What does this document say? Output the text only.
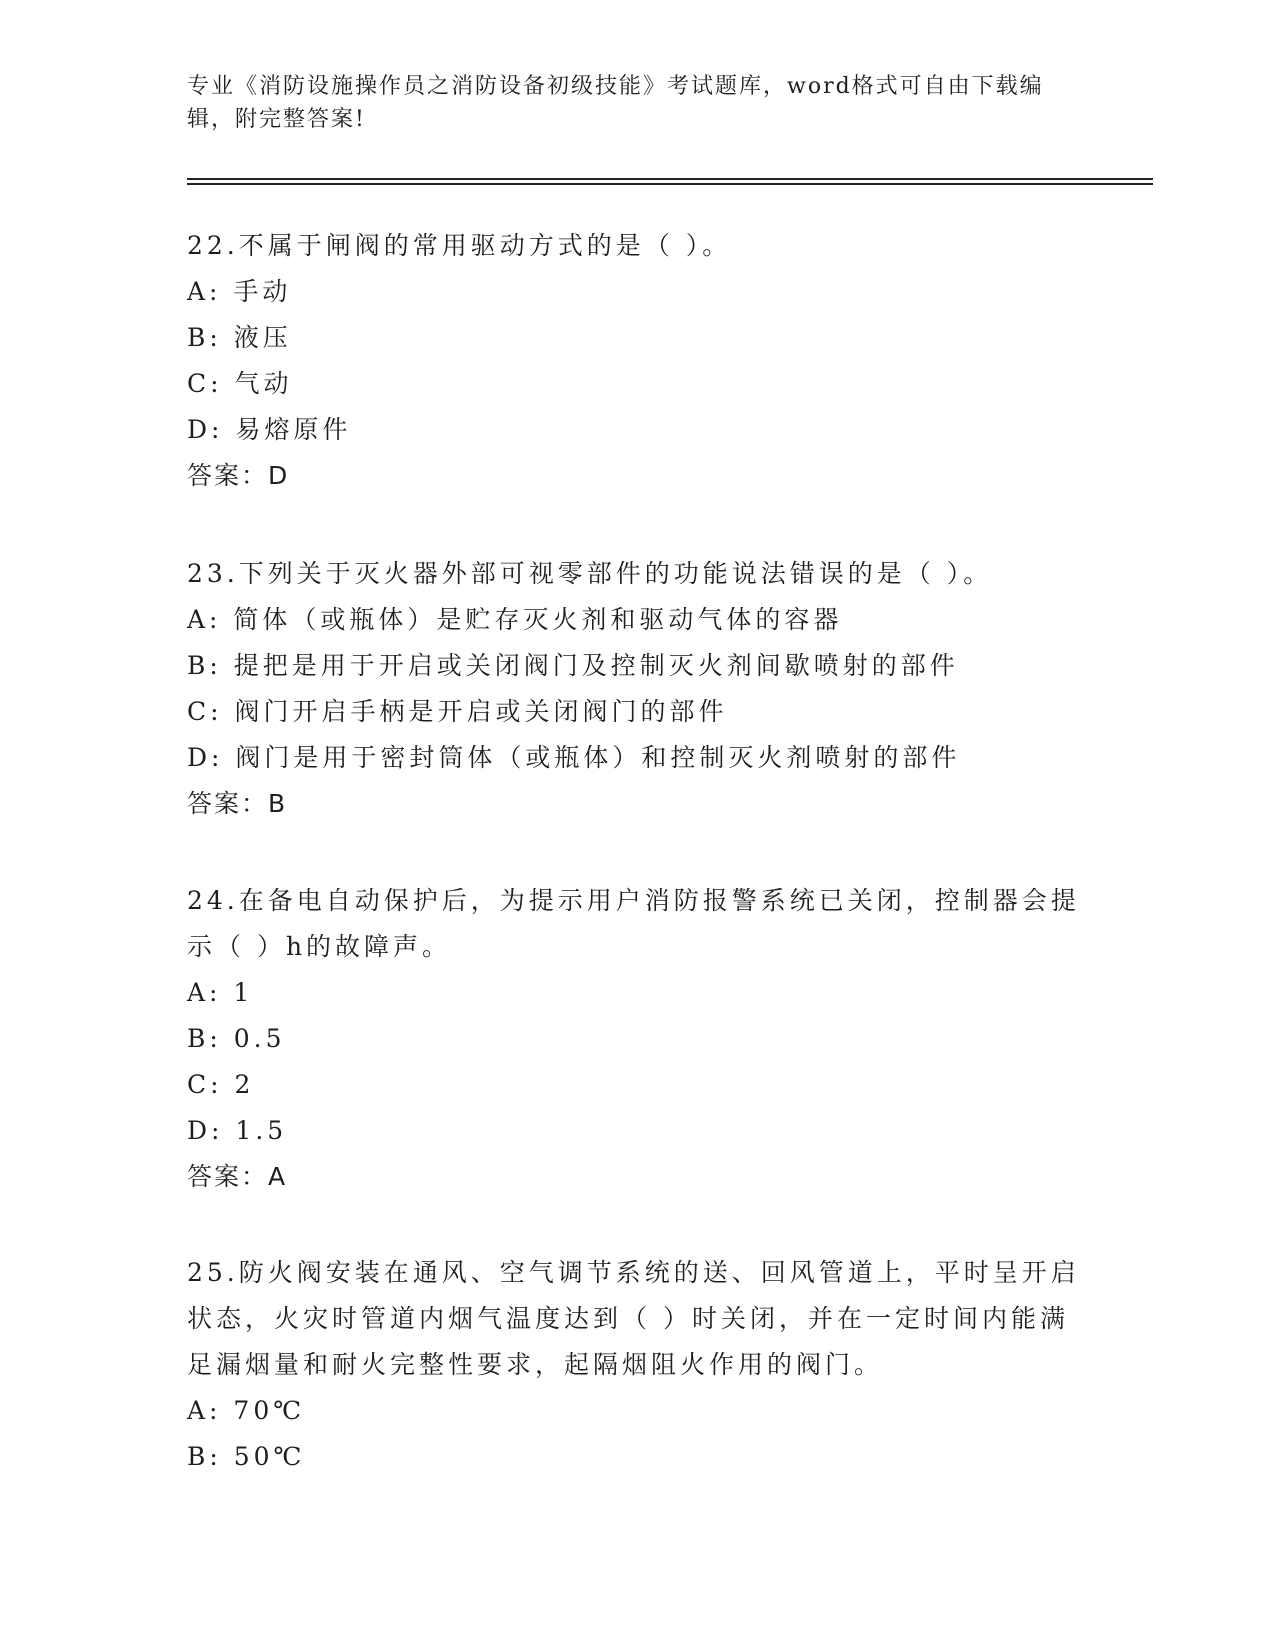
专业《消防设施操作员之消防设备初级技能》考试题库，word格式可自由下载编辑，附完整答案!

22.不属于闸阀的常用驱动方式的是（ ）。

A: 手动

B: 液压

C: 气动

D: 易熔原件

答案：D

23.下列关于灭火器外部可视零部件的功能说法错误的是（ ）。

A: 简体（或瓶体）是贮存灭火剂和驱动气体的容器

B: 提把是用于开启或关闭阀门及控制灭火剂间歇喷射的部件

C: 阀门开启手柄是开启或关闭阀门的部件

D: 阀门是用于密封筒体（或瓶体）和控制灭火剂喷射的部件

答案：B

24.在备电自动保护后，为提示用户消防报警系统已关闭，控制器会提示（ ）h的故障声。

A: 1

B: 0.5

C: 2

D: 1.5

答案：A

25.防火阀安装在通风、空气调节系统的送、回风管道上，平时呈开启状态，火灾时管道内烟气温度达到（ ）时关闭，并在一定时间内能满足漏烟量和耐火完整性要求，起隔烟阻火作用的阀门。

A: 70℃

B: 50℃
